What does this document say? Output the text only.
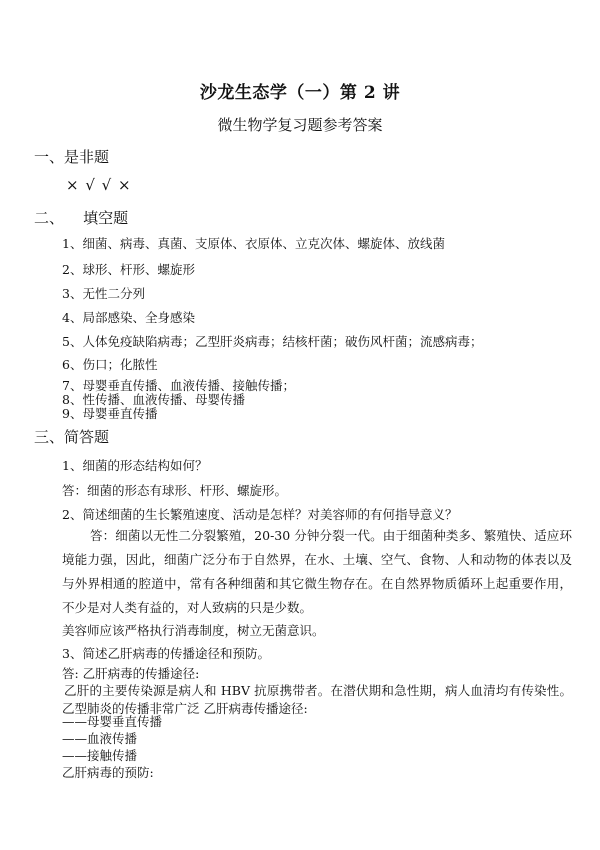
沙龙生态学（一）第 2 讲
微生物学复习题参考答案
一、是非题
× √ √ ×
二、    填空题
1、细菌、病毒、真菌、支原体、衣原体、立克次体、螺旋体、放线菌
2、球形、杆形、螺旋形
3、无性二分列
4、局部感染、全身感染
5、人体免疫缺陷病毒；乙型肝炎病毒；结核杆菌；破伤风杆菌；流感病毒；
6、伤口；化脓性
7、母婴垂直传播、血液传播、接触传播；
8、性传播、血液传播、母婴传播
9、母婴垂直传播
三、简答题
1、细菌的形态结构如何？
答：细菌的形态有球形、杆形、螺旋形。
2、简述细菌的生长繁殖速度、活动是怎样？对美容师的有何指导意义？
答：细菌以无性二分裂繁殖，20-30 分钟分裂一代。由于细菌种类多、繁殖快、适应环境能力强，因此，细菌广泛分布于自然界，在水、土壤、空气、食物、人和动物的体表以及与外界相通的腔道中，常有各种细菌和其它微生物存在。在自然界物质循环上起重要作用，不少是对人类有益的，对人致病的只是少数。
美容师应该严格执行消毒制度，树立无菌意识。
3、简述乙肝病毒的传播途径和预防。
答: 乙肝病毒的传播途径:
乙肝的主要传染源是病人和 HBV 抗原携带者。在潜伏期和急性期，病人血清均有传染性。乙型肺炎的传播非常广泛 乙肝病毒传播途径:
——母婴垂直传播
——血液传播
——接触传播
乙肝病毒的预防:
